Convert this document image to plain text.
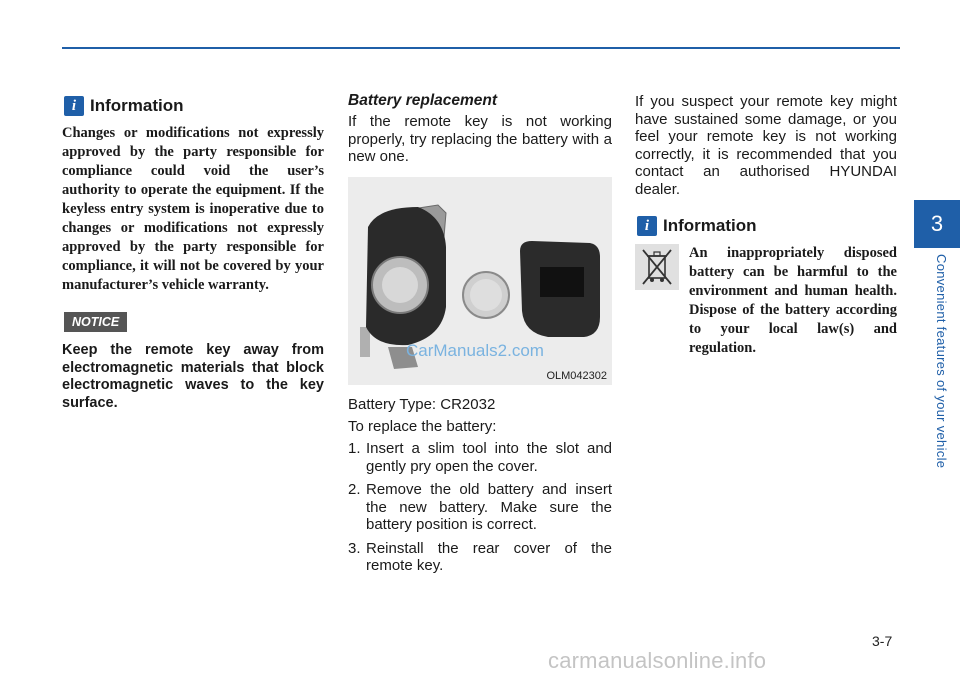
i Information

Changes or modifications not expressly approved by the party responsible for compliance could void the user’s authority to operate the equipment. If the keyless entry system is inoperative due to changes or modifications not expressly approved by the party responsible for compliance, it will not be covered by your manufacturer’s vehicle warranty.

NOTICE

Keep the remote key away from electromagnetic materials that block electromagnetic waves to the key surface.

Battery replacement

If the remote key is not working properly, try replacing the battery with a new one.

CarManuals2.com
OLM042302

Battery Type: CR2032

To replace the battery:

1. Insert a slim tool into the slot and gently pry open the cover.
2. Remove the old battery and insert the new battery. Make sure the battery position is correct.
3. Reinstall the rear cover of the remote key.

If you suspect your remote key might have sustained some damage, or you feel your remote key is not working correctly, it is recommended that you contact an authorised HYUNDAI dealer.

i Information

An inappropriately disposed battery can be harmful to the environment and human health. Dispose of the battery according to your local law(s) and regulation.

3
Convenient features of your vehicle
3-7
carmanualsonline.info
